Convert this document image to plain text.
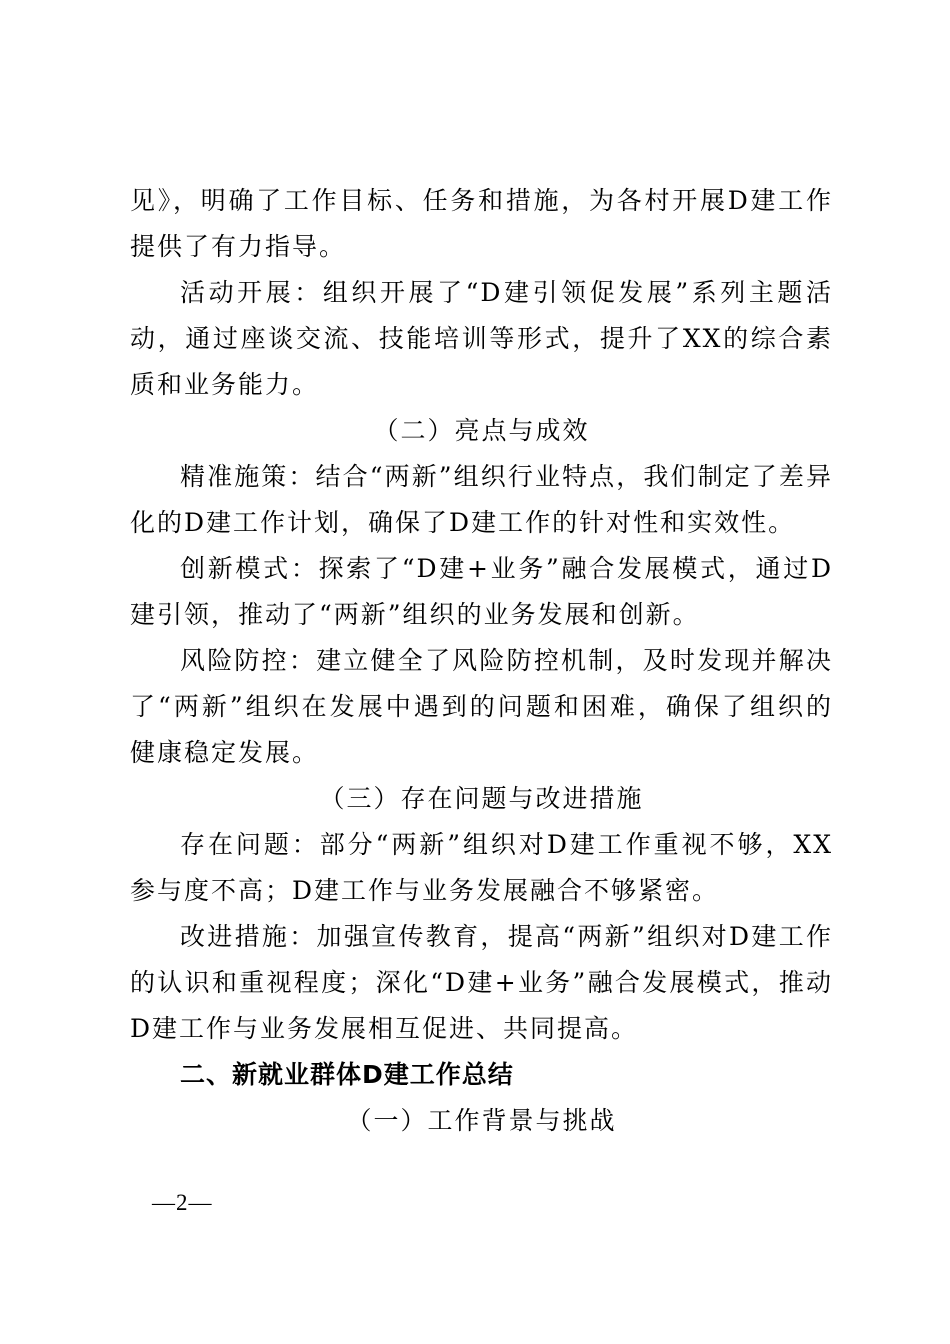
见》，明确了工作目标、任务和措施，为各村开展D建工作提供了有力指导。

活动开展：组织开展了“D建引领促发展”系列主题活动，通过座谈交流、技能培训等形式，提升了XX的综合素质和业务能力。

（二）亮点与成效

精准施策：结合“两新”组织行业特点，我们制定了差异化的D建工作计划，确保了D建工作的针对性和实效性。

创新模式：探索了“D建+业务”融合发展模式，通过D建引领，推动了“两新”组织的业务发展和创新。

风险防控：建立健全了风险防控机制，及时发现并解决了“两新”组织在发展中遇到的问题和困难，确保了组织的健康稳定发展。

（三）存在问题与改进措施

存在问题：部分“两新”组织对D建工作重视不够，XX参与度不高；D建工作与业务发展融合不够紧密。

改进措施：加强宣传教育，提高“两新”组织对D建工作的认识和重视程度；深化“D建+业务”融合发展模式，推动D建工作与业务发展相互促进、共同提高。

二、新就业群体D建工作总结

（一）工作背景与挑战

—2—
